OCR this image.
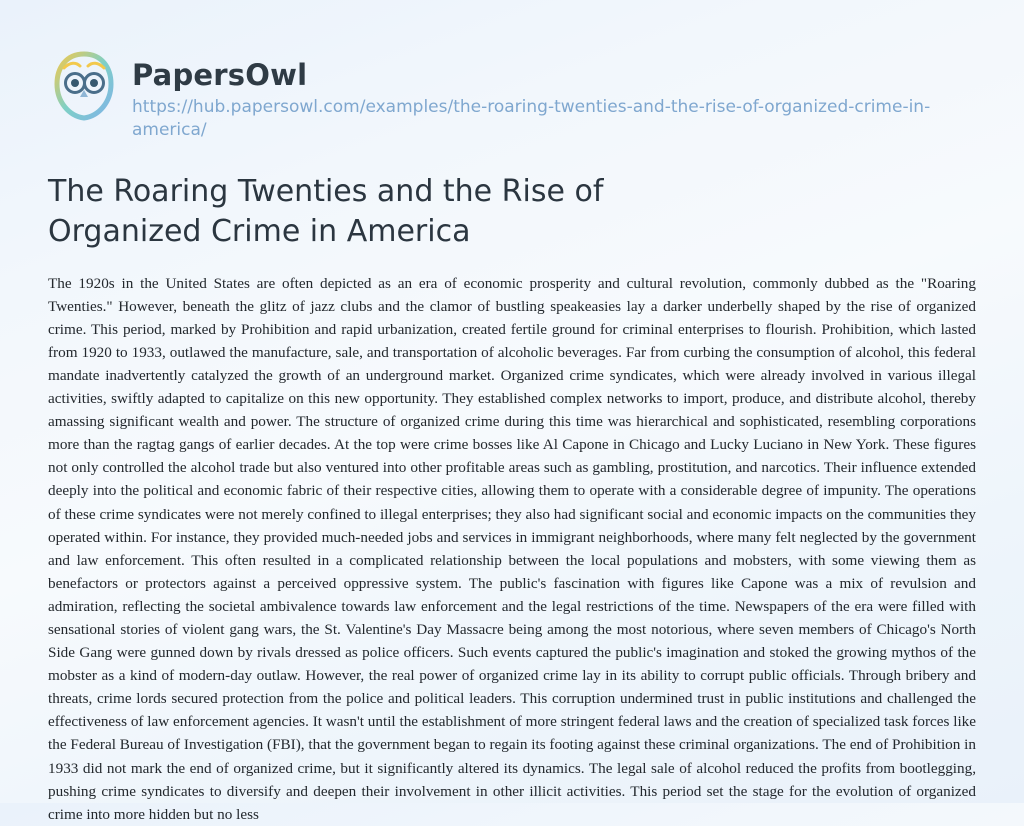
PapersOwl
https://hub.papersowl.com/examples/the-roaring-twenties-and-the-rise-of-organized-crime-in-america/
The Roaring Twenties and the Rise of Organized Crime in America
The 1920s in the United States are often depicted as an era of economic prosperity and cultural revolution, commonly dubbed as the "Roaring Twenties." However, beneath the glitz of jazz clubs and the clamor of bustling speakeasies lay a darker underbelly shaped by the rise of organized crime. This period, marked by Prohibition and rapid urbanization, created fertile ground for criminal enterprises to flourish. Prohibition, which lasted from 1920 to 1933, outlawed the manufacture, sale, and transportation of alcoholic beverages. Far from curbing the consumption of alcohol, this federal mandate inadvertently catalyzed the growth of an underground market. Organized crime syndicates, which were already involved in various illegal activities, swiftly adapted to capitalize on this new opportunity. They established complex networks to import, produce, and distribute alcohol, thereby amassing significant wealth and power. The structure of organized crime during this time was hierarchical and sophisticated, resembling corporations more than the ragtag gangs of earlier decades. At the top were crime bosses like Al Capone in Chicago and Lucky Luciano in New York. These figures not only controlled the alcohol trade but also ventured into other profitable areas such as gambling, prostitution, and narcotics. Their influence extended deeply into the political and economic fabric of their respective cities, allowing them to operate with a considerable degree of impunity. The operations of these crime syndicates were not merely confined to illegal enterprises; they also had significant social and economic impacts on the communities they operated within. For instance, they provided much-needed jobs and services in immigrant neighborhoods, where many felt neglected by the government and law enforcement. This often resulted in a complicated relationship between the local populations and mobsters, with some viewing them as benefactors or protectors against a perceived oppressive system. The public's fascination with figures like Capone was a mix of revulsion and admiration, reflecting the societal ambivalence towards law enforcement and the legal restrictions of the time. Newspapers of the era were filled with sensational stories of violent gang wars, the St. Valentine's Day Massacre being among the most notorious, where seven members of Chicago's North Side Gang were gunned down by rivals dressed as police officers. Such events captured the public's imagination and stoked the growing mythos of the mobster as a kind of modern-day outlaw. However, the real power of organized crime lay in its ability to corrupt public officials. Through bribery and threats, crime lords secured protection from the police and political leaders. This corruption undermined trust in public institutions and challenged the effectiveness of law enforcement agencies. It wasn't until the establishment of more stringent federal laws and the creation of specialized task forces like the Federal Bureau of Investigation (FBI), that the government began to regain its footing against these criminal organizations. The end of Prohibition in 1933 did not mark the end of organized crime, but it significantly altered its dynamics. The legal sale of alcohol reduced the profits from bootlegging, pushing crime syndicates to diversify and deepen their involvement in other illicit activities. This period set the stage for the evolution of organized crime into more hidden but no less
